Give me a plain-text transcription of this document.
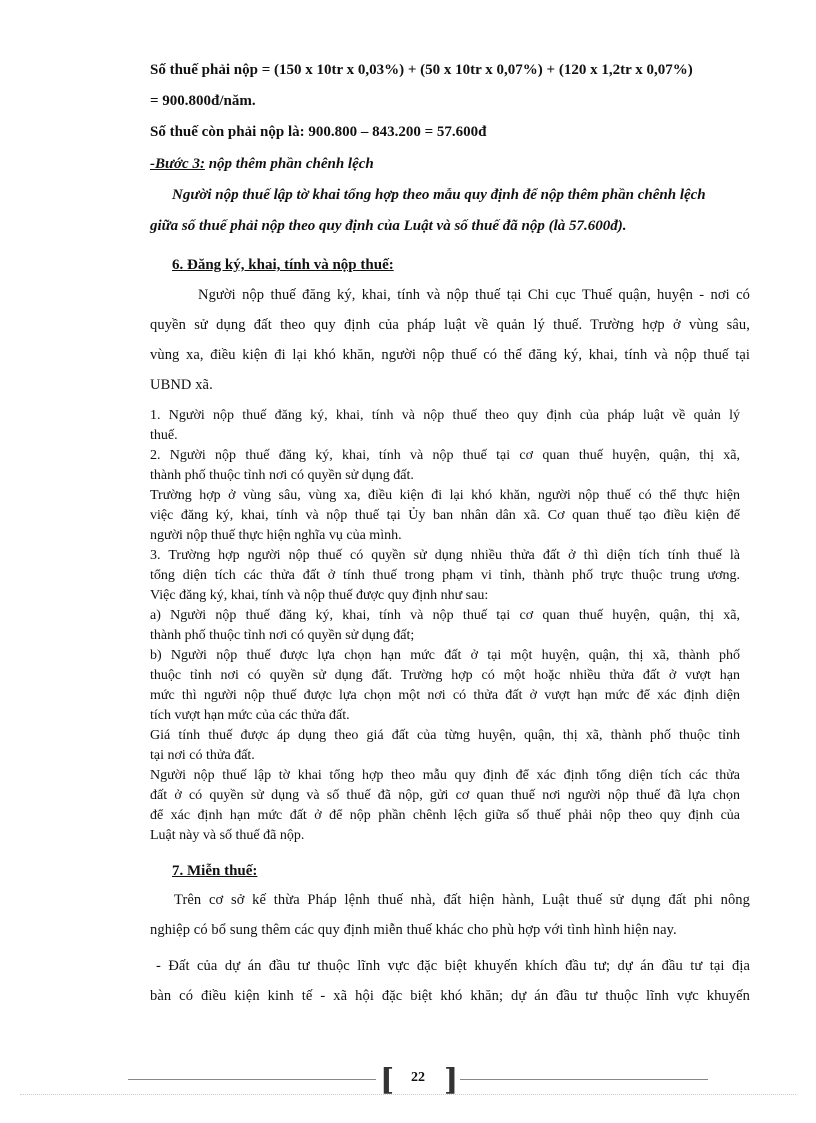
Số thuế phải nộp = (150 x 10tr x 0,03%) + (50 x 10tr x 0,07%) + (120 x 1,2tr x 0,07%)
= 900.800đ/năm.
Số thuế còn phải nộp là: 900.800 – 843.200 = 57.600đ
-Bước 3: nộp thêm phần chênh lệch
Người nộp thuế lập tờ khai tổng hợp theo mẫu quy định để nộp thêm phần chênh lệch
giữa số thuế phải nộp theo quy định của Luật và số thuế đã nộp (là 57.600đ).
6. Đăng ký, khai, tính và nộp thuế:
Người nộp thuế đăng ký, khai, tính và nộp thuế tại Chi cục Thuế quận, huyện - nơi có
quyền sử dụng đất theo quy định của pháp luật về quản lý thuế. Trường hợp ở vùng sâu,
vùng xa, điều kiện đi lại khó khăn, người nộp thuế có thể đăng ký, khai, tính và nộp thuế tại
UBND xã.
1. Người nộp thuế đăng ký, khai, tính và nộp thuế theo quy định của pháp luật về quản lý
thuế.
2. Người nộp thuế đăng ký, khai, tính và nộp thuế tại cơ quan thuế huyện, quận, thị xã,
thành phố thuộc tỉnh nơi có quyền sử dụng đất.
Trường hợp ở vùng sâu, vùng xa, điều kiện đi lại khó khăn, người nộp thuế có thể thực hiện
việc đăng ký, khai, tính và nộp thuế tại Ủy ban nhân dân xã. Cơ quan thuế tạo điều kiện để
người nộp thuế thực hiện nghĩa vụ của mình.
3. Trường hợp người nộp thuế có quyền sử dụng nhiều thửa đất ở thì diện tích tính thuế là
tổng diện tích các thửa đất ở tính thuế trong phạm vi tỉnh, thành phố trực thuộc trung ương.
Việc đăng ký, khai, tính và nộp thuế được quy định như sau:
a) Người nộp thuế đăng ký, khai, tính và nộp thuế tại cơ quan thuế huyện, quận, thị xã,
thành phố thuộc tỉnh nơi có quyền sử dụng đất;
b) Người nộp thuế được lựa chọn hạn mức đất ở tại một huyện, quận, thị xã, thành phố
thuộc tỉnh nơi có quyền sử dụng đất. Trường hợp có một hoặc nhiều thửa đất ở vượt hạn
mức thì người nộp thuế được lựa chọn một nơi có thửa đất ở vượt hạn mức để xác định diện
tích vượt hạn mức của các thửa đất.
Giá tính thuế được áp dụng theo giá đất của từng huyện, quận, thị xã, thành phố thuộc tỉnh
tại nơi có thửa đất.
Người nộp thuế lập tờ khai tổng hợp theo mẫu quy định để xác định tổng diện tích các thửa
đất ở có quyền sử dụng và số thuế đã nộp, gửi cơ quan thuế nơi người nộp thuế đã lựa chọn
để xác định hạn mức đất ở để nộp phần chênh lệch giữa số thuế phải nộp theo quy định của
Luật này và số thuế đã nộp.
7. Miễn thuế:
Trên cơ sở kế thừa Pháp lệnh thuế nhà, đất hiện hành, Luật thuế sử dụng đất phi nông
nghiệp có bổ sung thêm các quy định miễn thuế khác cho phù hợp với tình hình hiện nay.
- Đất của dự án đầu tư thuộc lĩnh vực đặc biệt khuyến khích đầu tư; dự án đầu tư tại địa
bàn có điều kiện kinh tế - xã hội đặc biệt khó khăn; dự án đầu tư thuộc lĩnh vực khuyến
[	22 ]
